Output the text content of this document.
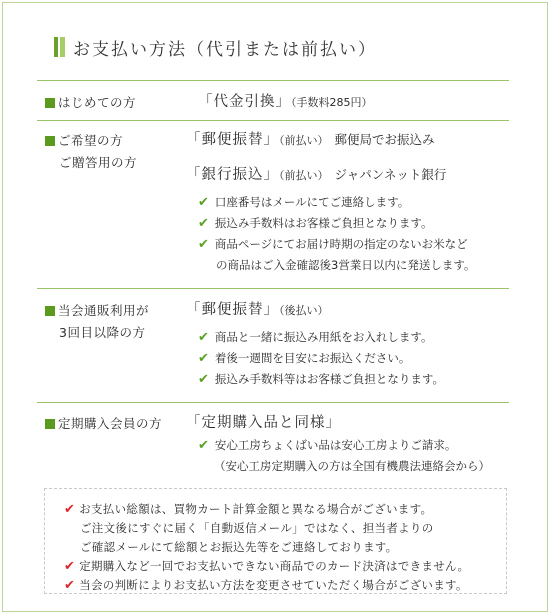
お支払い方法（代引または前払い）
はじめての方	「代金引換」（手数料285円）
ご希望の方
ご贈答用の方
「郵便振替」（前払い） 郵便局でお振込み
「銀行振込」（前払い） ジャパンネット銀行
✔ 口座番号はメールにてご連絡します。
✔ 振込み手数料はお客様ご負担となります。
✔ 商品ページにてお届け時期の指定のないお米など
の商品はご入金確認後3営業日以内に発送します。
当会通販利用が
3回目以降の方
「郵便振替」（後払い）
✔ 商品と一緒に振込み用紙をお入れします。
✔ 着後一週間を目安にお振込ください。
✔ 振込み手数料等はお客様ご負担となります。
定期購入会員の方 「定期購入品と同様」
✔ 安心工房ちょくばい品は安心工房よりご請求。
（安心工房定期購入の方は全国有機農法連絡会から）
✔ お支払い総額は、買物カート計算金額と異なる場合がございます。
ご注文後にすぐに届く「自動返信メール」ではなく、担当者よりの
ご確認メールにて総額とお振込先等をご連絡しております。
✔ 定期購入など一回でお支払いできない商品でのカード決済はできません。
✔ 当会の判断によりお支払い方法を変更させていただく場合がございます。
